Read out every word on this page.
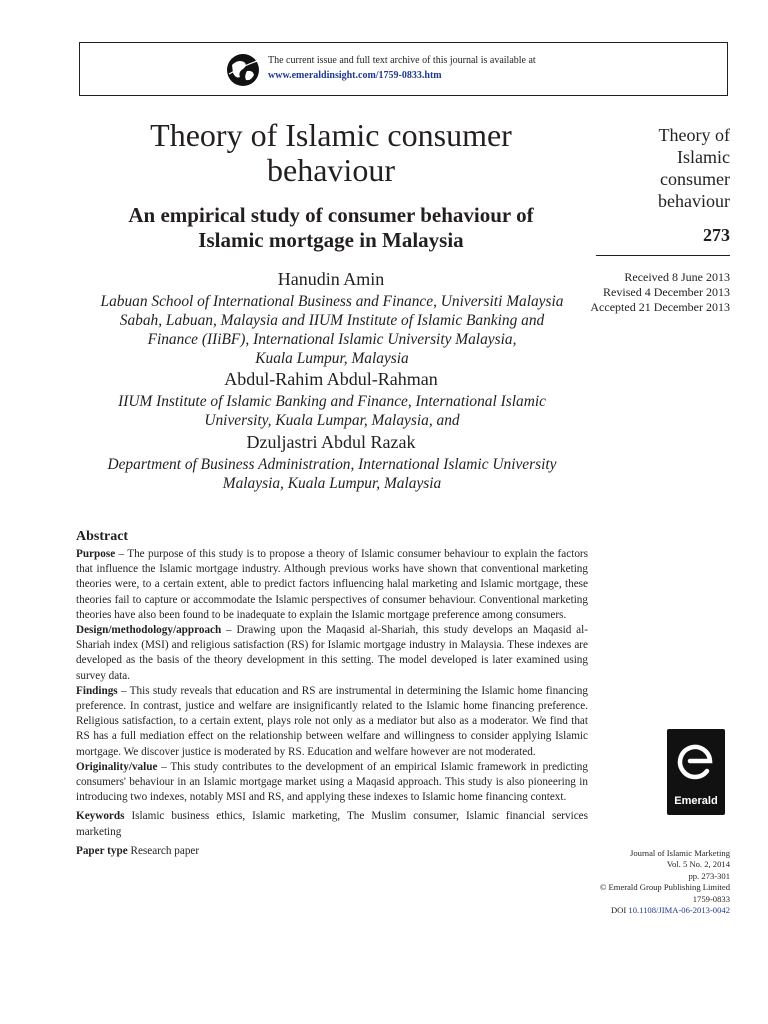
The current issue and full text archive of this journal is available at
www.emeraldinsight.com/1759-0833.htm
Theory of Islamic consumer
behaviour
An empirical study of consumer behaviour of
Islamic mortgage in Malaysia
Hanudin Amin
Labuan School of International Business and Finance, Universiti Malaysia
Sabah, Labuan, Malaysia and IIUM Institute of Islamic Banking and
Finance (IIiBF), International Islamic University Malaysia,
Kuala Lumpur, Malaysia
Abdul-Rahim Abdul-Rahman
IIUM Institute of Islamic Banking and Finance, International Islamic
University, Kuala Lumpar, Malaysia, and
Dzuljastri Abdul Razak
Department of Business Administration, International Islamic University
Malaysia, Kuala Lumpur, Malaysia
Theory of
Islamic
consumer
behaviour
273
Received 8 June 2013
Revised 4 December 2013
Accepted 21 December 2013
Abstract

Purpose – The purpose of this study is to propose a theory of Islamic consumer behaviour to explain the factors that influence the Islamic mortgage industry. Although previous works have shown that conventional marketing theories were, to a certain extent, able to predict factors influencing halal marketing and Islamic mortgage, these theories fail to capture or accommodate the Islamic perspectives of consumer behaviour. Conventional marketing theories have also been found to be inadequate to explain the Islamic mortgage preference among consumers.

Design/methodology/approach – Drawing upon the Maqasid al-Shariah, this study develops an Maqasid al-Shariah index (MSI) and religious satisfaction (RS) for Islamic mortgage industry in Malaysia. These indexes are developed as the basis of the theory development in this setting. The model developed is later examined using survey data.

Findings – This study reveals that education and RS are instrumental in determining the Islamic home financing preference. In contrast, justice and welfare are insignificantly related to the Islamic home financing preference. Religious satisfaction, to a certain extent, plays role not only as a mediator but also as a moderator. We find that RS has a full mediation effect on the relationship between welfare and willingness to consider applying Islamic mortgage. We discover justice is moderated by RS. Education and welfare however are not moderated.

Originality/value – This study contributes to the development of an empirical Islamic framework in predicting consumers' behaviour in an Islamic mortgage market using a Maqasid approach. This study is also pioneering in introducing two indexes, notably MSI and RS, and applying these indexes to Islamic home financing context.

Keywords Islamic business ethics, Islamic marketing, The Muslim consumer, Islamic financial services marketing

Paper type Research paper

Emerald
Journal of Islamic Marketing
Vol. 5 No. 2, 2014
pp. 273-301
© Emerald Group Publishing Limited
1759-0833
DOI 10.1108/JIMA-06-2013-0042
